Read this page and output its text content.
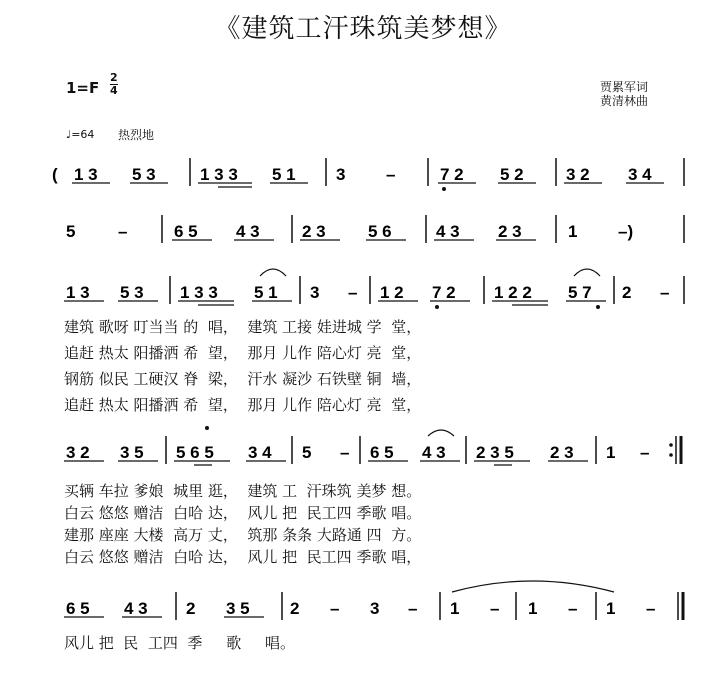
《建筑工汗珠筑美梦想》
1=F
2
4	贾累军词
黄清林曲
♩=64 热烈地
( 1 3 5 3	1 3 3 5 1 3 –	7 2 5 2 3 2 3 4
5	–	6 5 4 3 2 3 5 6	4 3 2 3	1 –)
1 3 5 3 1 3 3 5 1 3 – 1 2 7 2 1 2 2 5 7 2 –
3 2 3 5 5 6 5 3 4 5 – 6 5 4 3 2 3 5 2 3 1 –
6 5 4 3 2 3 5 2 – 3 – 1 – 1 – 1 –
建筑 歌呀 叮当当 的  唱，  建筑 工接 娃进城 学  堂，
追赶 热太 阳播洒 希  望，  那月 儿作 陪心灯 亮  堂，
钢筋 似民 工硬汉 脊  梁，  汗水 凝沙 石铁壁 铜  墙，
追赶 热太 阳播洒 希  望，  那月 儿作 陪心灯 亮  堂，
买辆 车拉 爹娘  城里 逛，  建筑 工  汗珠筑 美梦 想。
白云 悠悠 赠洁  白哈 达，  风儿 把  民工四 季歌 唱。
建那 座座 大楼  高万 丈，  筑那 条条 大路通 四  方。
白云 悠悠 赠洁  白哈 达，  风儿 把  民工四 季歌 唱，
风儿 把  民  工四  季     歌     唱。
